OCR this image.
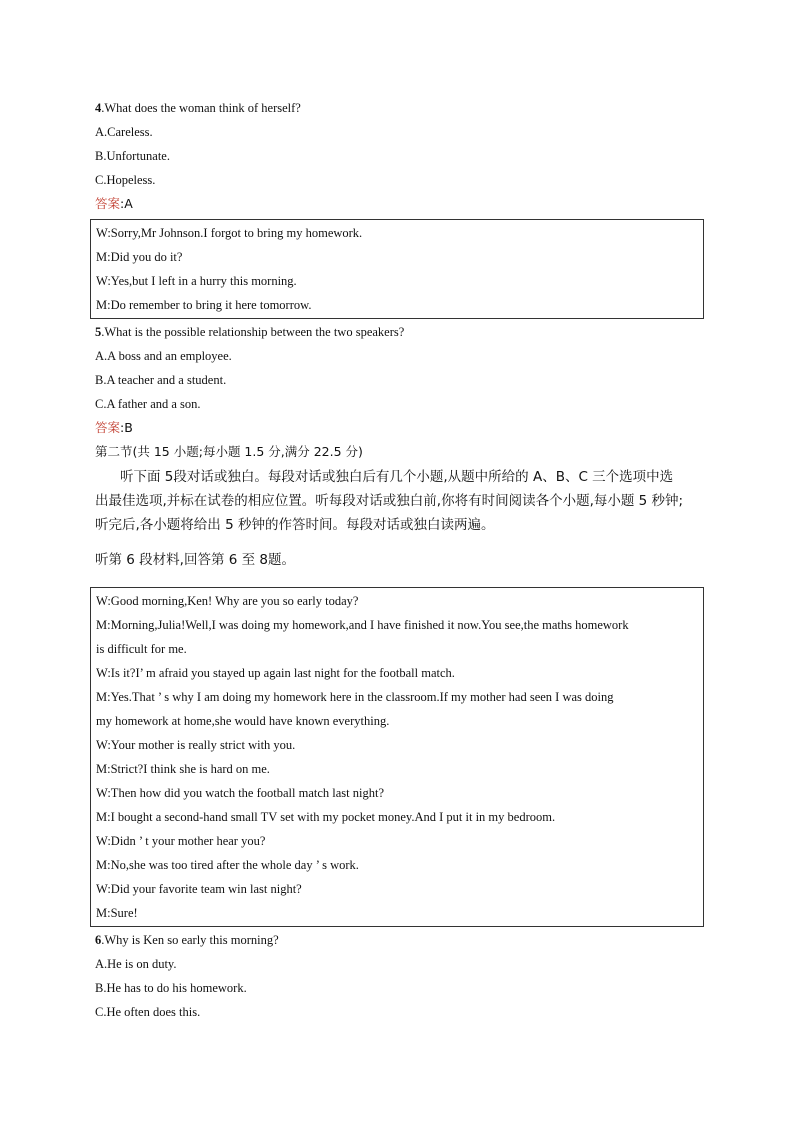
4.What does the woman think of herself?
A.Careless.
B.Unfortunate.
C.Hopeless.
答案:A
W:Sorry,Mr Johnson.I forgot to bring my homework.
M:Did you do it?
W:Yes,but I left in a hurry this morning.
M:Do remember to bring it here tomorrow.
5.What is the possible relationship between the two speakers?
A.A boss and an employee.
B.A teacher and a student.
C.A father and a son.
答案:B
第二节(共 15 小题;每小题 1.5 分,满分 22.5 分)
听下面 5段对话或独白。每段对话或独白后有几个小题,从题中所给的 A、B、C 三个选项中选
出最佳选项,并标在试卷的相应位置。听每段对话或独白前,你将有时间阅读各个小题,每小题 5 秒钟;
听完后,各小题将给出 5 秒钟的作答时间。每段对话或独白读两遍。
听第 6 段材料,回答第 6 至 8题。
W:Good morning,Ken! Why are you so early today?
M:Morning,Julia!Well,I was doing my homework,and I have finished it now.You see,the maths homework
is difficult for me.
W:Is it?I’ m afraid you stayed up again last night for the football match.
M:Yes.That ’ s why I am doing my homework here in the classroom.If my mother had seen I was doing
my homework at home,she would have known everything.
W:Your mother is really strict with you.
M:Strict?I think she is hard on me.
W:Then how did you watch the football match last night?
M:I bought a second-hand small TV set with my pocket money.And I put it in my bedroom.
W:Didn ’ t your mother hear you?
M:No,she was too tired after the whole day ’ s work.
W:Did your favorite team win last night?
M:Sure!
6.Why is Ken so early this morning?
A.He is on duty.
B.He has to do his homework.
C.He often does this.
